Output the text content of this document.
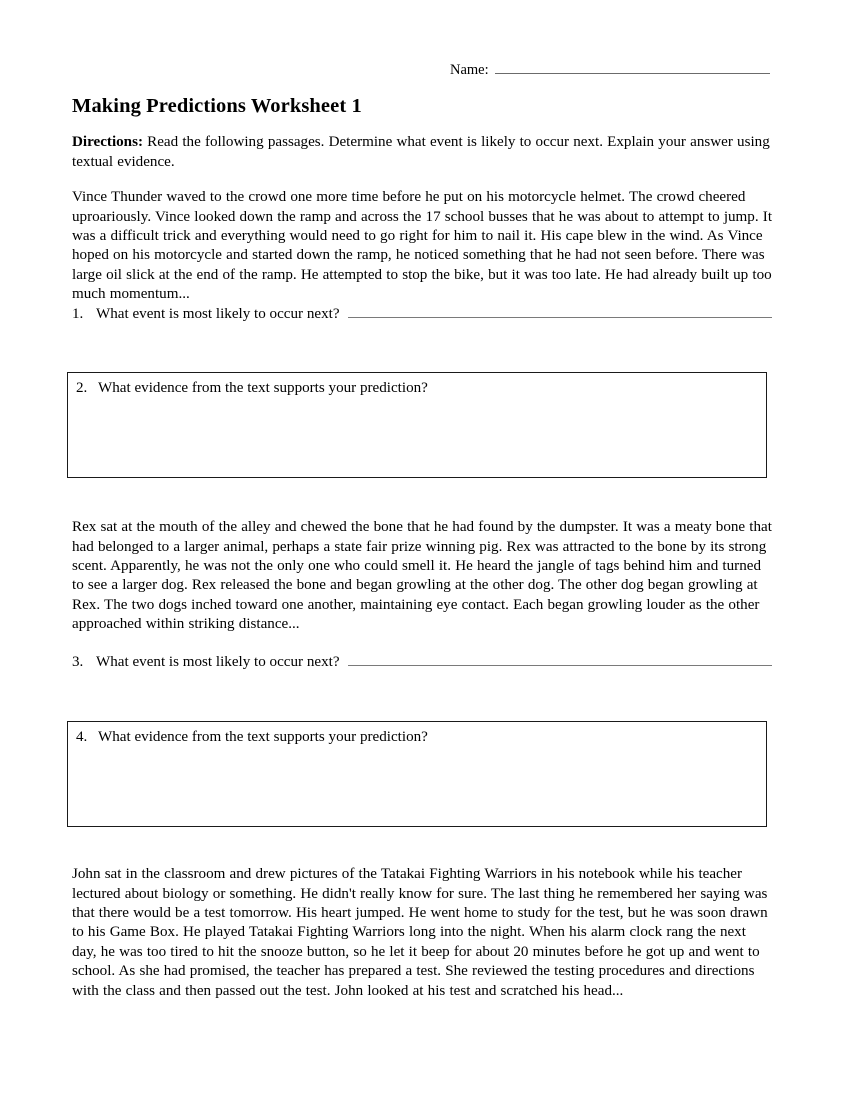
Name:
Making Predictions Worksheet 1

Directions: Read the following passages. Determine what event is likely to occur next. Explain your answer using textual evidence.

Vince Thunder waved to the crowd one more time before he put on his motorcycle helmet. The crowd cheered uproariously. Vince looked down the ramp and across the 17 school busses that he was about to attempt to jump. It was a difficult trick and everything would need to go right for him to nail it. His cape blew in the wind. As Vince hoped on his motorcycle and started down the ramp, he noticed something that he had not seen before. There was large oil slick at the end of the ramp. He attempted to stop the bike, but it was too late. He had already built up too much momentum...

1. What event is most likely to occur next?
2. What evidence from the text supports your prediction?

Rex sat at the mouth of the alley and chewed the bone that he had found by the dumpster. It was a meaty bone that had belonged to a larger animal, perhaps a state fair prize winning pig. Rex was attracted to the bone by its strong scent. Apparently, he was not the only one who could smell it. He heard the jangle of tags behind him and turned to see a larger dog. Rex released the bone and began growling at the other dog. The other dog began growling at Rex. The two dogs inched toward one another, maintaining eye contact. Each began growling louder as the other approached within striking distance...

3. What event is most likely to occur next?
4. What evidence from the text supports your prediction?

John sat in the classroom and drew pictures of the Tatakai Fighting Warriors in his notebook while his teacher lectured about biology or something. He didn't really know for sure. The last thing he remembered her saying was that there would be a test tomorrow. His heart jumped. He went home to study for the test, but he was soon drawn to his Game Box. He played Tatakai Fighting Warriors long into the night. When his alarm clock rang the next day, he was too tired to hit the snooze button, so he let it beep for about 20 minutes before he got up and went to school. As she had promised, the teacher has prepared a test. She reviewed the testing procedures and directions with the class and then passed out the test. John looked at his test and scratched his head...
